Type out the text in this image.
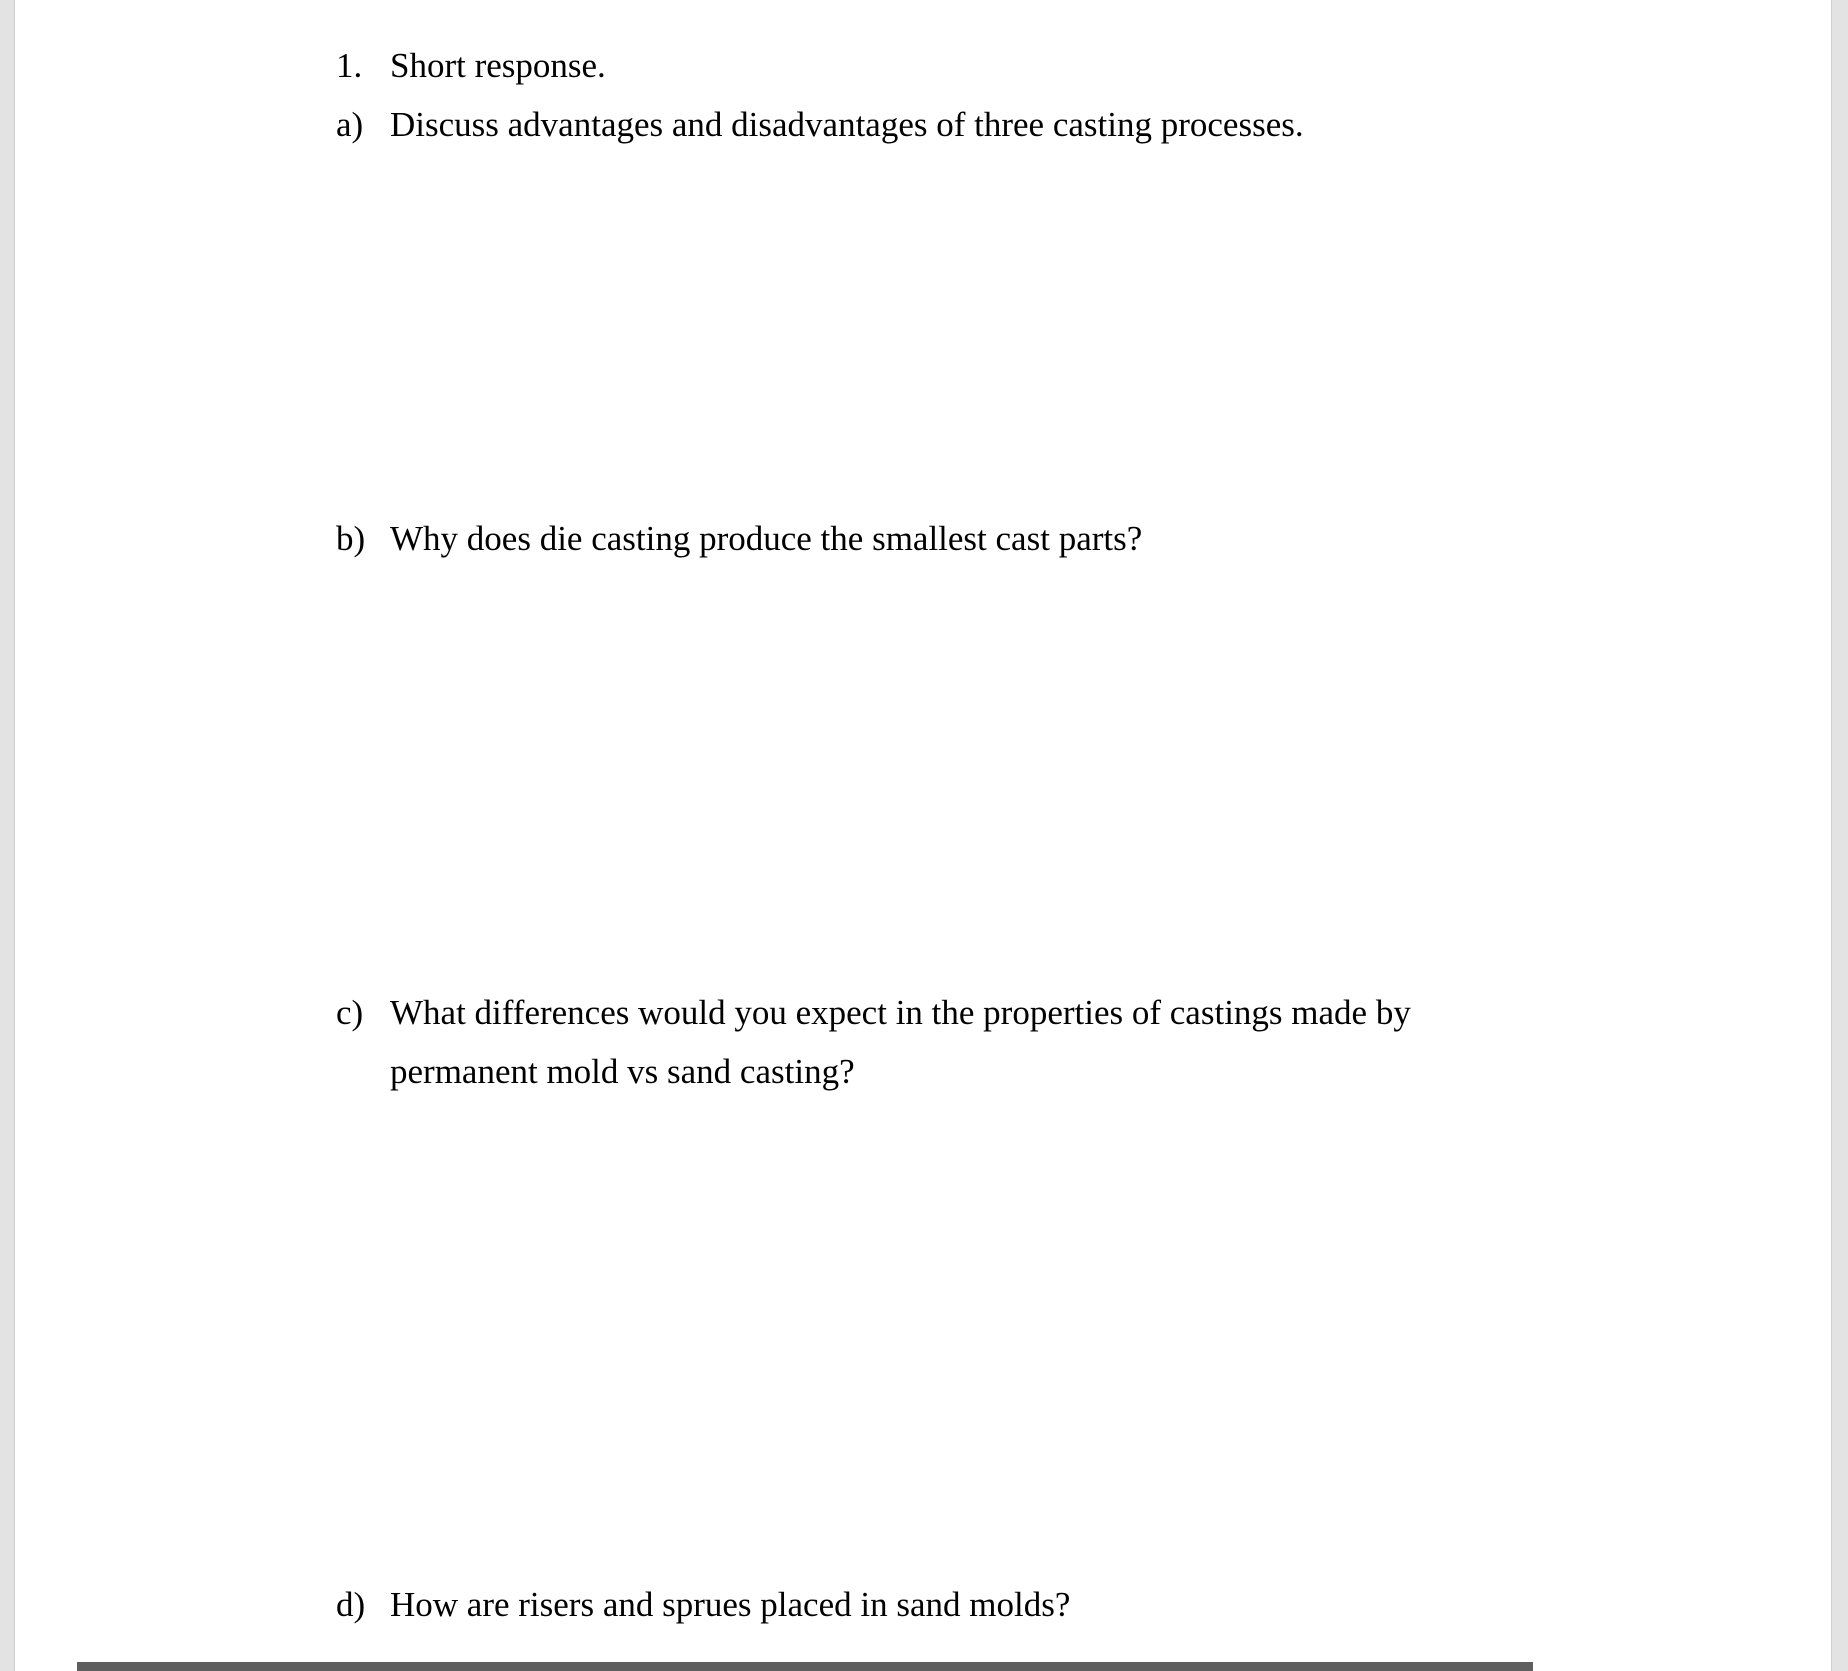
1. Short response.
a) Discuss advantages and disadvantages of three casting processes.
b) Why does die casting produce the smallest cast parts?
c) What differences would you expect in the properties of castings made by
permanent mold vs sand casting?
d) How are risers and sprues placed in sand molds?
